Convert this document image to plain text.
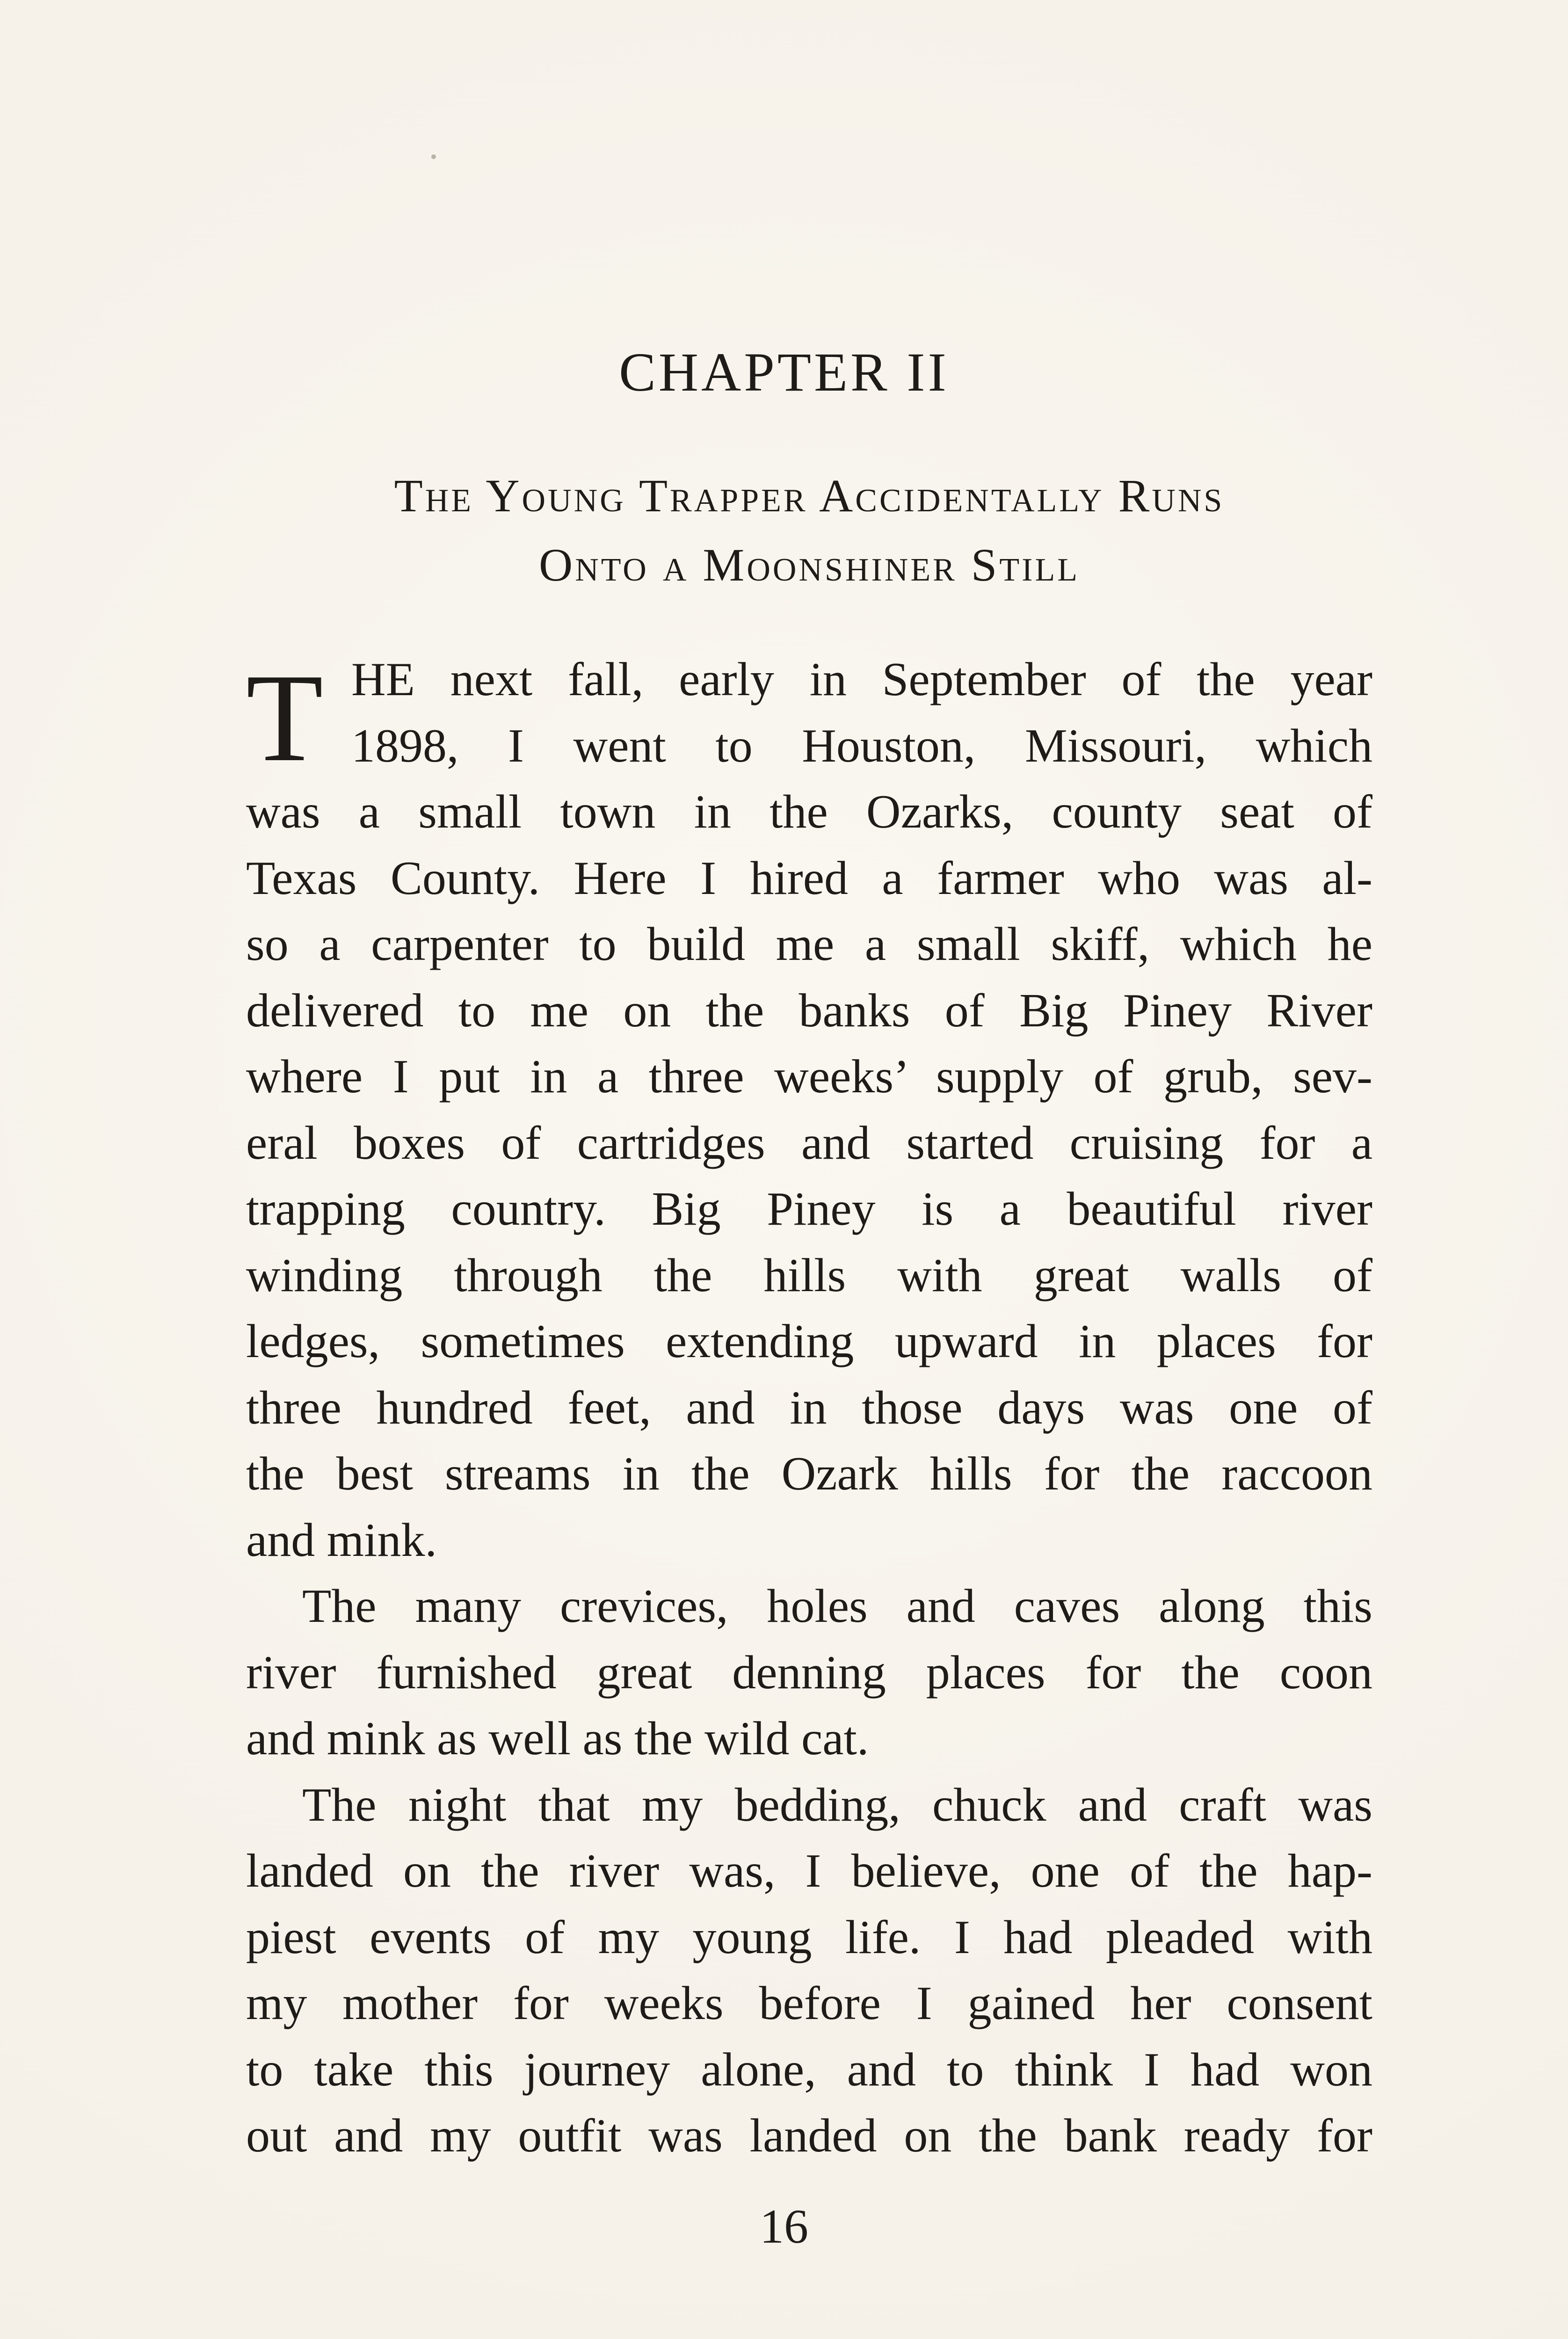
CHAPTER II
The Young Trapper Accidentally Runs
Onto a Moonshiner Still
T HE next fall, early in September of the year
1898, I went to Houston, Missouri, which
was a small town in the Ozarks, county seat of
Texas County. Here I hired a farmer who was al-
so a carpenter to build me a small skiff, which he
delivered to me on the banks of Big Piney River
where I put in a three weeks’ supply of grub, sev-
eral boxes of cartridges and started cruising for a
trapping country. Big Piney is a beautiful river
winding through the hills with great walls of
ledges, sometimes extending upward in places for
three hundred feet, and in those days was one of
the best streams in the Ozark hills for the raccoon
and mink.
The many crevices, holes and caves along this
river furnished great denning places for the coon
and mink as well as the wild cat.
The night that my bedding, chuck and craft was
landed on the river was, I believe, one of the hap-
piest events of my young life. I had pleaded with
my mother for weeks before I gained her consent
to take this journey alone, and to think I had won
out and my outfit was landed on the bank ready for
16
